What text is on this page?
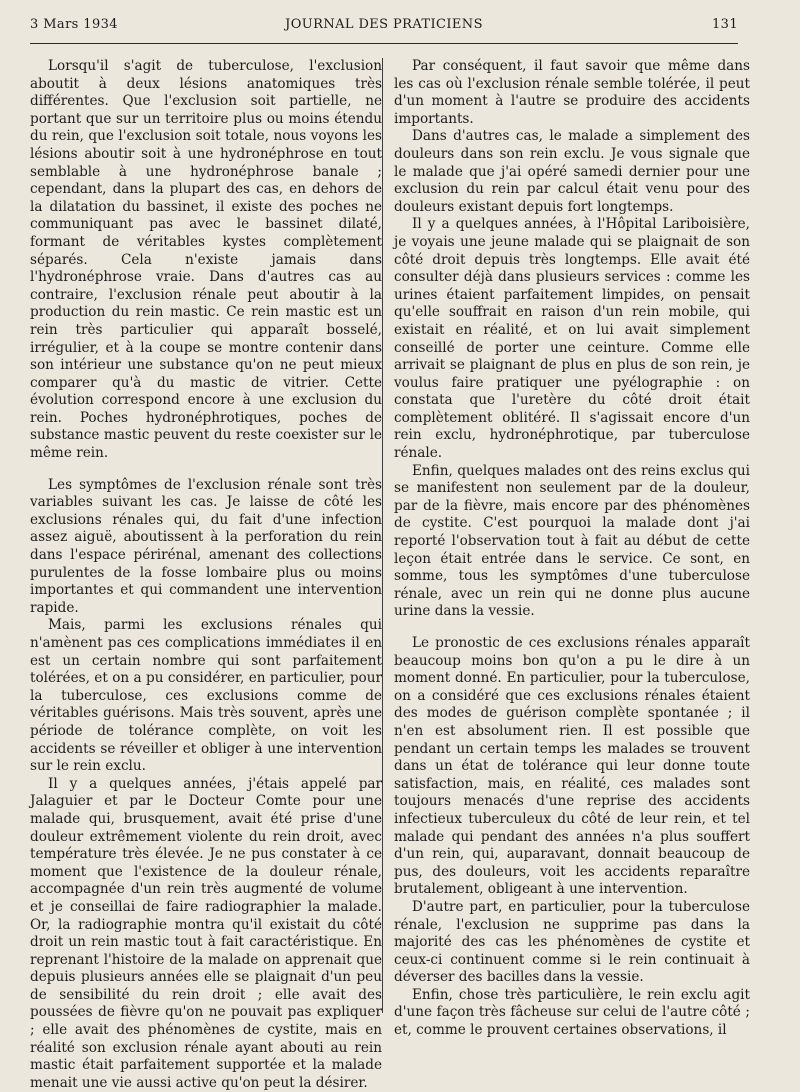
3 Mars 1934	JOURNAL DES PRATICIENS	131

Lorsqu'il s'agit de tuberculose, l'exclusion aboutit à deux lésions anatomiques très différentes. Que l'exclusion soit partielle, ne portant que sur un territoire plus ou moins étendu du rein, que l'exclusion soit totale, nous voyons les lésions aboutir soit à une hydronéphrose en tout semblable à une hydronéphrose banale ; cependant, dans la plupart des cas, en dehors de la dilatation du bassinet, il existe des poches ne communiquant pas avec le bassinet dilaté, formant de véritables kystes complètement séparés. Cela n'existe jamais dans l'hydronéphrose vraie. Dans d'autres cas au contraire, l'exclusion rénale peut aboutir à la production du rein mastic. Ce rein mastic est un rein très particulier qui apparaît bosselé, irrégulier, et à la coupe se montre contenir dans son intérieur une substance qu'on ne peut mieux comparer qu'à du mastic de vitrier. Cette évolution correspond encore à une exclusion du rein. Poches hydronéphrotiques, poches de substance mastic peuvent du reste coexister sur le même rein.

Les symptômes de l'exclusion rénale sont très variables suivant les cas. Je laisse de côté les exclusions rénales qui, du fait d'une infection assez aiguë, aboutissent à la perforation du rein dans l'espace périrénal, amenant des collections purulentes de la fosse lombaire plus ou moins importantes et qui commandent une intervention rapide.

Mais, parmi les exclusions rénales qui n'amènent pas ces complications immédiates il en est un certain nombre qui sont parfaitement tolérées, et on a pu considérer, en particulier, pour la tuberculose, ces exclusions comme de véritables guérisons. Mais très souvent, après une période de tolérance complète, on voit les accidents se réveiller et obliger à une intervention sur le rein exclu.

Il y a quelques années, j'étais appelé par Jalaguier et par le Docteur Comte pour une malade qui, brusquement, avait été prise d'une douleur extrêmement violente du rein droit, avec température très élevée. Je ne pus constater à ce moment que l'existence de la douleur rénale, accompagnée d'un rein très augmenté de volume et je conseillai de faire radiographier la malade. Or, la radiographie montra qu'il existait du côté droit un rein mastic tout à fait caractéristique. En reprenant l'histoire de la malade on apprenait que depuis plusieurs années elle se plaignait d'un peu de sensibilité du rein droit ; elle avait des poussées de fièvre qu'on ne pouvait pas expliquer ; elle avait des phénomènes de cystite, mais en réalité son exclusion rénale ayant abouti au rein mastic était parfaitement supportée et la malade menait une vie aussi active qu'on peut la désirer.

Par conséquent, il faut savoir que même dans les cas où l'exclusion rénale semble tolérée, il peut d'un moment à l'autre se produire des accidents importants.

Dans d'autres cas, le malade a simplement des douleurs dans son rein exclu. Je vous signale que le malade que j'ai opéré samedi dernier pour une exclusion du rein par calcul était venu pour des douleurs existant depuis fort longtemps.

Il y a quelques années, à l'Hôpital Lariboisière, je voyais une jeune malade qui se plaignait de son côté droit depuis très longtemps. Elle avait été consulter déjà dans plusieurs services : comme les urines étaient parfaitement limpides, on pensait qu'elle souffrait en raison d'un rein mobile, qui existait en réalité, et on lui avait simplement conseillé de porter une ceinture. Comme elle arrivait se plaignant de plus en plus de son rein, je voulus faire pratiquer une pyélographie : on constata que l'uretère du côté droit était complètement oblitéré. Il s'agissait encore d'un rein exclu, hydronéphrotique, par tuberculose rénale.

Enfin, quelques malades ont des reins exclus qui se manifestent non seulement par de la douleur, par de la fièvre, mais encore par des phénomènes de cystite. C'est pourquoi la malade dont j'ai reporté l'observation tout à fait au début de cette leçon était entrée dans le service. Ce sont, en somme, tous les symptômes d'une tuberculose rénale, avec un rein qui ne donne plus aucune urine dans la vessie.

Le pronostic de ces exclusions rénales apparaît beaucoup moins bon qu'on a pu le dire à un moment donné. En particulier, pour la tuberculose, on a considéré que ces exclusions rénales étaient des modes de guérison complète spontanée ; il n'en est absolument rien. Il est possible que pendant un certain temps les malades se trouvent dans un état de tolérance qui leur donne toute satisfaction, mais, en réalité, ces malades sont toujours menacés d'une reprise des accidents infectieux tuberculeux du côté de leur rein, et tel malade qui pendant des années n'a plus souffert d'un rein, qui, auparavant, donnait beaucoup de pus, des douleurs, voit les accidents reparaître brutalement, obligeant à une intervention.

D'autre part, en particulier, pour la tuberculose rénale, l'exclusion ne supprime pas dans la majorité des cas les phénomènes de cystite et ceux-ci continuent comme si le rein continuait à déverser des bacilles dans la vessie.

Enfin, chose très particulière, le rein exclu agit d'une façon très fâcheuse sur celui de l'autre côté ; et, comme le prouvent certaines observations, il
